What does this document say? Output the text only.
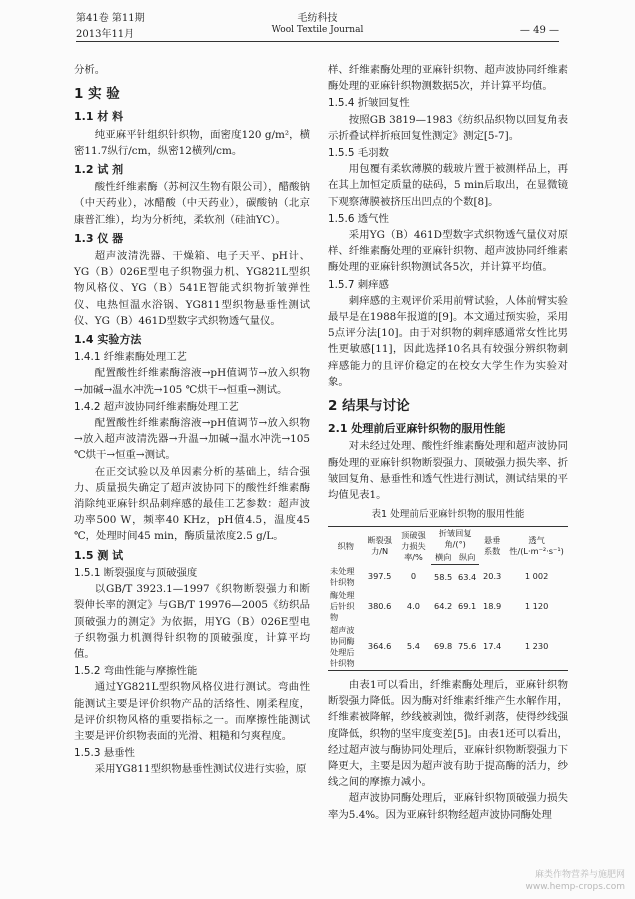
第41卷 第11期
2013年11月
毛纺科技
Wool Textile Journal	— 49 —

分析。

1 实 验
1.1 材 料

纯亚麻平针组织针织物，面密度120 g/m²，横密11.7纵行/cm，纵密12横列/cm。

1.2 试 剂

酸性纤维素酶（苏柯汉生物有限公司），醋酸钠（中天药业），冰醋酸（中天药业），碳酸钠（北京康普汇维），均为分析纯，柔软剂（硅油YC）。

1.3 仪 器

超声波清洗器、干燥箱、电子天平、pH计、YG（B）026E型电子织物强力机、YG821L型织物风格仪、YG（B）541E智能式织物折皱弹性仪、电热恒温水浴锅、YG811型织物悬垂性测试仪、YG（B）461D型数字式织物透气量仪。

1.4 实验方法
1.4.1 纤维素酶处理工艺

配置酸性纤维素酶溶液→pH值调节→放入织物→加碱→温水冲洗→105 ℃烘干→恒重→测试。

1.4.2 超声波协同纤维素酶处理工艺

配置酸性纤维素酶溶液→pH值调节→放入织物→放入超声波清洗器→升温→加碱→温水冲洗→105 ℃烘干→恒重→测试。

在正交试验以及单因素分析的基础上，结合强力、质量损失确定了超声波协同下的酸性纤维素酶消除纯亚麻针织品刺痒感的最佳工艺参数：超声波功率500 W，频率40 KHz，pH值4.5，温度45 ℃，处理时间45 min，酶质量浓度2.5 g/L。

1.5 测 试
1.5.1 断裂强度与顶破强度

以GB/T 3923.1—1997《织物断裂强力和断裂伸长率的测定》与GB/T 19976—2005《纺织品顶破强力的测定》为依据，用YG（B）026E型电子织物强力机测得针织物的顶破强度，计算平均值。

1.5.2 弯曲性能与摩擦性能

通过YG821L型织物风格仪进行测试。弯曲性能测试主要是评价织物产品的活络性、刚柔程度，是评价织物风格的重要指标之一。而摩擦性能测试主要是评价织物表面的光滑、粗糙和匀爽程度。

1.5.3 悬垂性

采用YG811型织物悬垂性测试仪进行实验，原

样、纤维素酶处理的亚麻针织物、超声波协同纤维素酶处理的亚麻针织物测数据5次，并计算平均值。

1.5.4 折皱回复性

按照GB 3819—1983《纺织品织物以回复角表示折叠试样折痕回复性测定》测定[5-7]。

1.5.5 毛羽数

用包覆有柔软薄膜的载玻片置于被测样品上，再在其上加恒定质量的砝码，5 min后取出，在显微镜下观察薄膜被挤压出凹点的个数[8]。

1.5.6 透气性

采用YG（B）461D型数字式织物透气量仪对原样、纤维素酶处理的亚麻针织物、超声波协同纤维素酶处理的亚麻针织物测试各5次，并计算平均值。

1.5.7 刺痒感

刺痒感的主观评价采用前臂试验，人体前臂实验最早是在1988年报道的[9]。本文通过预实验，采用5点评分法[10]。由于对织物的刺痒感通常女性比男性更敏感[11]，因此选择10名具有较强分辨织物刺痒感能力的且评价稳定的在校女大学生作为实验对象。

2 结果与讨论
2.1 处理前后亚麻针织物的服用性能

对未经过处理、酸性纤维素酶处理和超声波协同酶处理的亚麻针织物断裂强力、顶破强力损失率、折皱回复角、悬垂性和透气性进行测试，测试结果的平均值见表1。

表1 处理前后亚麻针织物的服用性能
织物	断裂强力/N	顶破强力损失率/%	折皱回复角/(°)		悬垂系数	透气性/(L·m⁻²·s⁻¹)
			横向	纵向		
未处理针织物	397.5	0	58.5	63.4	20.3	1 002
酶处理后针织物	380.6	4.0	64.2	69.1	18.9	1 120
超声波协同酶处理后针织物	364.6	5.4	69.8	75.6	17.4	1 230

由表1可以看出，纤维素酶处理后，亚麻针织物断裂强力降低。因为酶对纤维素纤维产生水解作用，纤维素被降解，纱线被剥蚀，微纤剥落，使得纱线强度降低，织物的坚牢度变差[5]。由表1还可以看出，经过超声波与酶协同处理后，亚麻针织物断裂强力下降更大，主要是因为超声波有助于提高酶的活力，纱线之间的摩擦力减小。

超声波协同酶处理后，亚麻针织物顶破强力损失率为5.4%。因为亚麻针织物经超声波协同酶处理

麻类作物营养与施肥网
www.hemp-crops.com
